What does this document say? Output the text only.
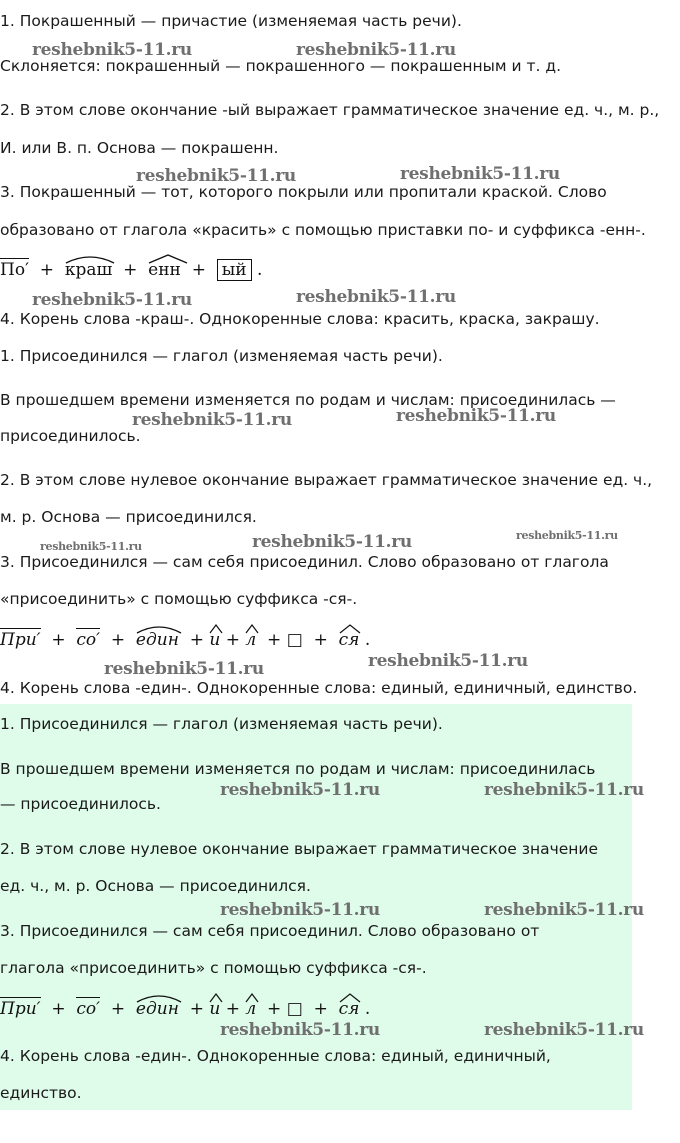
1. Покрашенный — причастие (изменяемая часть речи).
Склоняется: покрашенный — покрашенного — покрашенным и т. д.
2. В этом слове окончание -ый выражает грамматическое значение ед. ч., м. р.,
И. или В. п. Основа — покрашенн.
3. Покрашенный — тот, которого покрыли или пропитали краской. Слово
образовано от глагола «красить» с помощью приставки по- и суффикса -енн-.
По′ + краш + енн + ый .
4. Корень слова -краш-. Однокоренные слова: красить, краска, закрашу.
1. Присоединился — глагол (изменяемая часть речи).
В прошедшем времени изменяется по родам и числам: присоединилась —
присоединилось.
2. В этом слове нулевое окончание выражает грамматическое значение ед. ч.,
м. р. Основа — присоединился.
3. Присоединился — сам себя присоединил. Слово образовано от глагола
«присоединить» с помощью суффикса -ся-.
При′ + со′ + един + и + л + □ + ся .
4. Корень слова -един-. Однокоренные слова: единый, единичный, единство.
1. Присоединился — глагол (изменяемая часть речи).
В прошедшем времени изменяется по родам и числам: присоединилась
— присоединилось.
2. В этом слове нулевое окончание выражает грамматическое значение
ед. ч., м. р. Основа — присоединился.
3. Присоединился — сам себя присоединил. Слово образовано от
глагола «присоединить» с помощью суффикса -ся-.
При′ + со′ + един + и + л + □ + ся .
4. Корень слова -един-. Однокоренные слова: единый, единичный,
единство.
reshebnik5-11.ru	reshebnik5-11.ru
reshebnik5-11.ru	reshebnik5-11.ru
reshebnik5-11.ru	reshebnik5-11.ru
reshebnik5-11.ru	reshebnik5-11.ru
reshebnik5-11.ru	reshebnik5-11.ru	reshebnik5-11.ru
reshebnik5-11.ru	reshebnik5-11.ru
reshebnik5-11.ru	reshebnik5-11.ru
reshebnik5-11.ru	reshebnik5-11.ru
reshebnik5-11.ru	reshebnik5-11.ru
